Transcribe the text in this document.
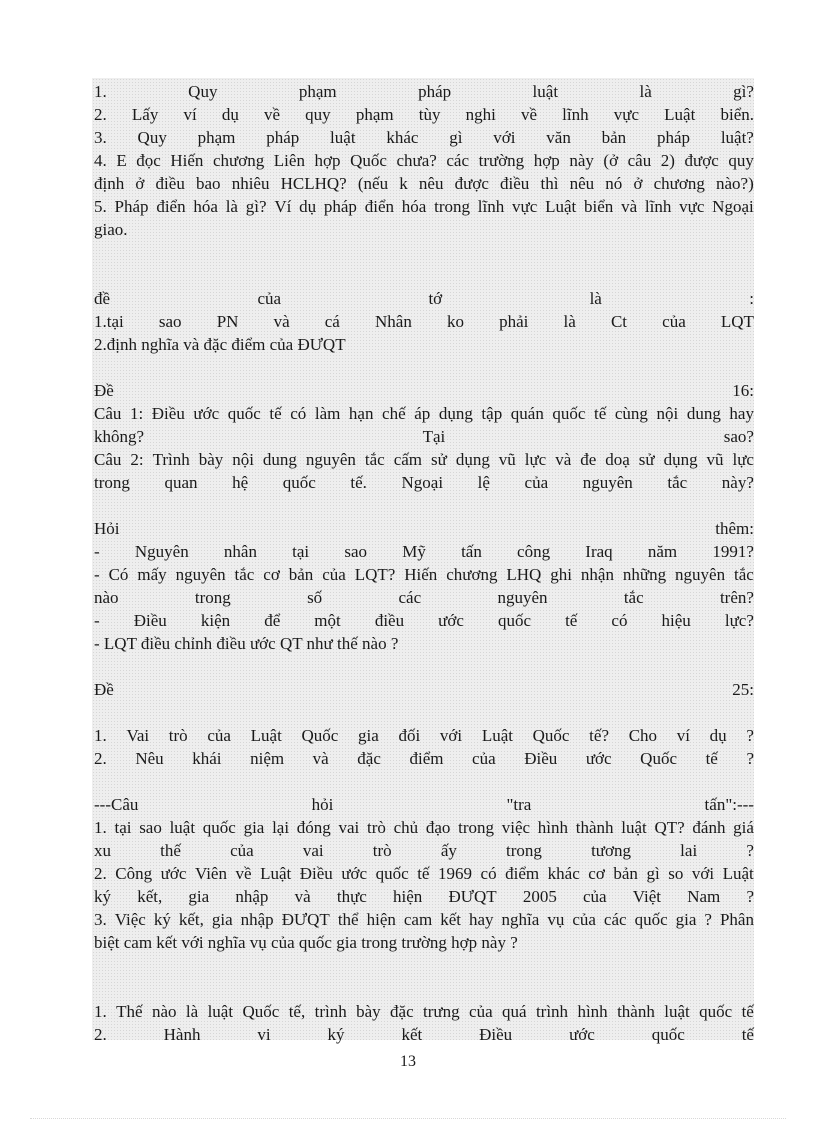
1.	Quy	phạm	pháp	luật	là	gì?
2. Lấy ví dụ về quy phạm tùy nghi về lĩnh vực Luật biển.
3. Quy phạm pháp luật khác gì với văn bản pháp luật?
4. E đọc Hiến chương Liên hợp Quốc chưa? các trường hợp này (ở câu 2) được quy
định ở điều bao nhiêu HCLHQ? (nếu k nêu được điều thì nêu nó ở chương nào?)
5. Pháp điển hóa là gì? Ví dụ pháp điển hóa trong lĩnh vực Luật biển và lĩnh vực Ngoại
giao.
đề	của	tớ	là	:
1.tại sao PN và cá Nhân ko phải là Ct của LQT
2.định nghĩa và đặc điểm của ĐƯQT
Đề	16:
Câu 1: Điều ước quốc tế có làm hạn chế áp dụng tập quán quốc tế cùng nội dung hay
không?	Tại	sao?
Câu 2: Trình bày nội dung nguyên tắc cấm sử dụng vũ lực và đe doạ sử dụng vũ lực
trong quan hệ quốc tế. Ngoại lệ của nguyên tắc này?
Hỏi	thêm:
- Nguyên nhân tại sao Mỹ tấn công Iraq năm 1991?
- Có mấy nguyên tắc cơ bản của LQT? Hiến chương LHQ ghi nhận những nguyên tắc
nào	trong	số	các	nguyên	tắc	trên?
- Điều kiện để một điều ước quốc tế có hiệu lực?
- LQT điều chỉnh điều ước QT như thế nào ?
Đề	25:
1. Vai trò của Luật Quốc gia đối với Luật Quốc tế? Cho ví dụ ?
2. Nêu khái niệm và đặc điểm của Điều ước Quốc tế ?
---Câu	hỏi	"tra	tấn":---
1. tại sao luật quốc gia lại đóng vai trò chủ đạo trong việc hình thành luật QT? đánh giá
xu	thế	của	vai	trò	ấy	trong	tương	lai	?
2. Công ước Viên về Luật Điều ước quốc tế 1969 có điểm khác cơ bản gì so với Luật
ký kết, gia nhập và thực hiện ĐƯQT 2005 của Việt Nam ?
3. Việc ký kết, gia nhập ĐƯQT thể hiện cam kết hay nghĩa vụ của các quốc gia ? Phân
biệt cam kết với nghĩa vụ của quốc gia trong trường hợp này ?
1. Thế nào là luật Quốc tế, trình bày đặc trưng của quá trình hình thành luật quốc tế
2.	Hành	vi	ký	kết	Điều	ước	quốc	tế
13
